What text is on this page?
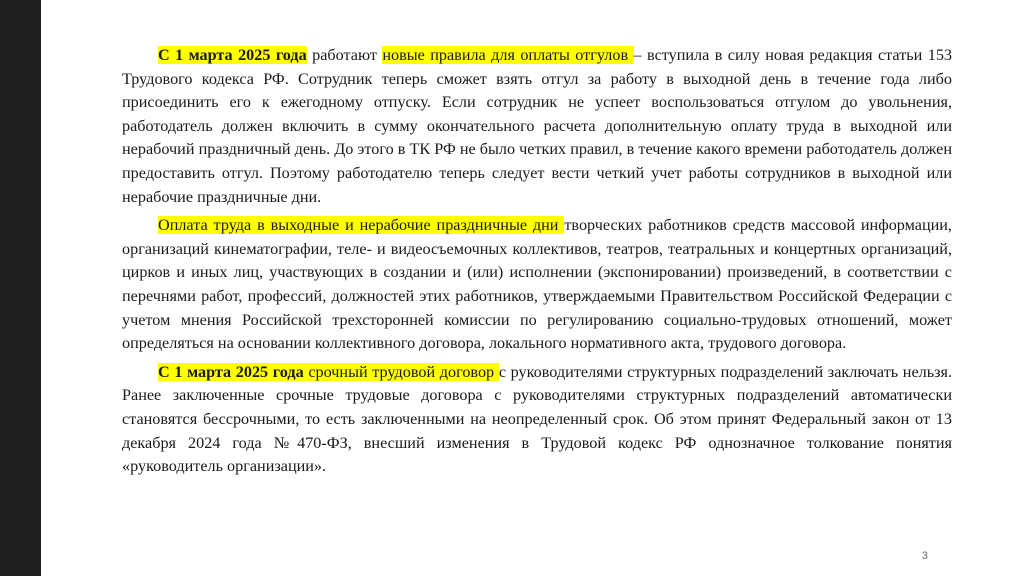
С 1 марта 2025 года работают новые правила для оплаты отгулов – вступила в силу новая редакция статьи 153 Трудового кодекса РФ. Сотрудник теперь сможет взять отгул за работу в выходной день в течение года либо присоединить его к ежегодному отпуску. Если сотрудник не успеет воспользоваться отгулом до увольнения, работодатель должен включить в сумму окончательного расчета дополнительную оплату труда в выходной или нерабочий праздничный день. До этого в ТК РФ не было четких правил, в течение какого времени работодатель должен предоставить отгул. Поэтому работодателю теперь следует вести четкий учет работы сотрудников в выходной или нерабочие праздничные дни.

Оплата труда в выходные и нерабочие праздничные дни творческих работников средств массовой информации, организаций кинематографии, теле- и видеосъемочных коллективов, театров, театральных и концертных организаций, цирков и иных лиц, участвующих в создании и (или) исполнении (экспонировании) произведений, в соответствии с перечнями работ, профессий, должностей этих работников, утверждаемыми Правительством Российской Федерации с учетом мнения Российской трехсторонней комиссии по регулированию социально-трудовых отношений, может определяться на основании коллективного договора, локального нормативного акта, трудового договора.

С 1 марта 2025 года срочный трудовой договор с руководителями структурных подразделений заключать нельзя. Ранее заключенные срочные трудовые договора с руководителями структурных подразделений автоматически становятся бессрочными, то есть заключенными на неопределенный срок. Об этом принят Федеральный закон от 13 декабря 2024 года №470-ФЗ, внесший изменения в Трудовой кодекс РФ однозначное толкование понятия «руководитель организации».

3
